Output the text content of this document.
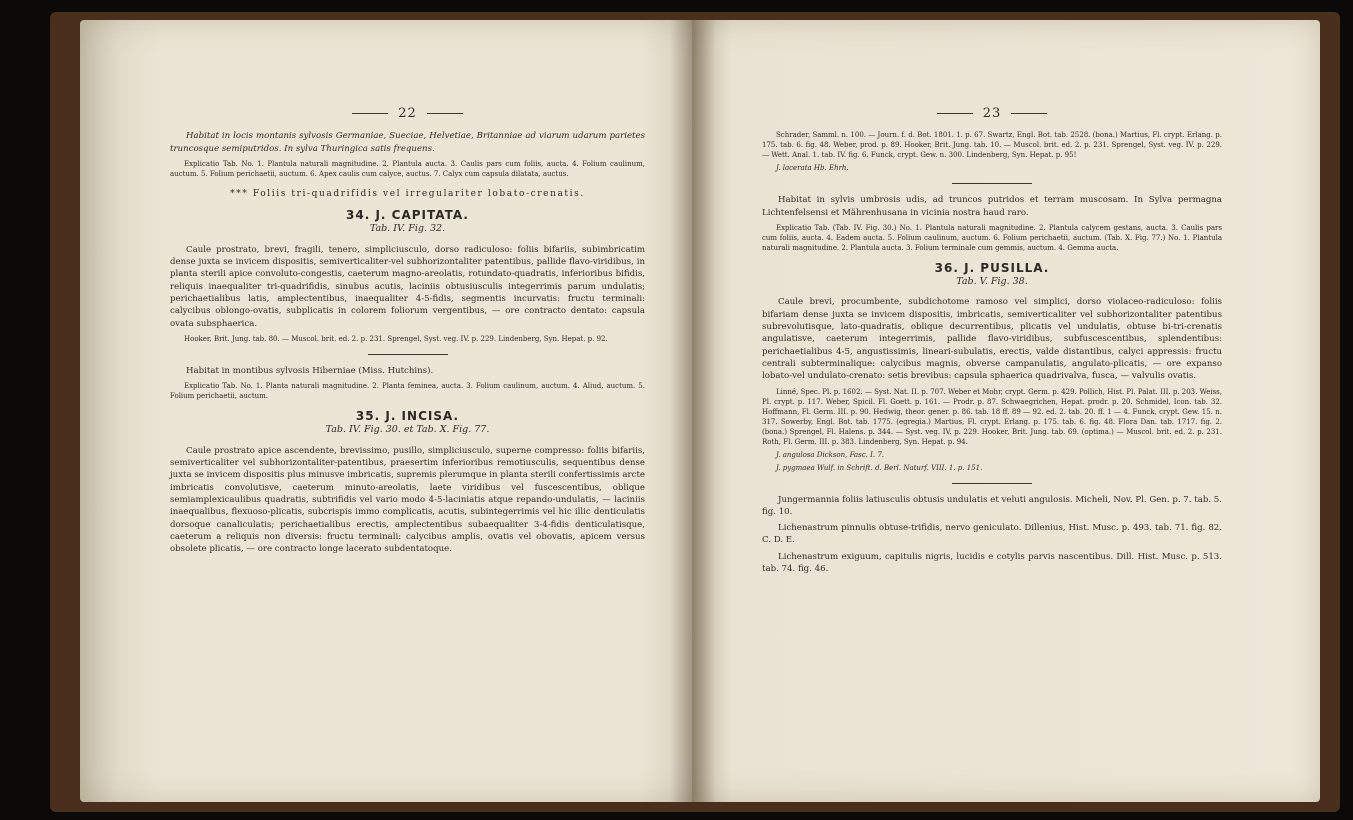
22

Habitat in locis montanis sylvosis Germaniae, Sueciae, Helvetiae, Britanniae ad viarum udarum parietes truncosque semiputridos. In sylva Thuringica satis frequens.

Explicatio Tab. No. 1. Plantula naturali magnitudine. 2. Plantula aucta. 3. Caulis pars cum foliis, aucta. 4. Folium caulinum, auctum. 5. Folium perichaetii, auctum. 6. Apex caulis cum calyce, auctus. 7. Calyx cum capsula dilatata, auctus.

*** Foliis tri-quadrifidis vel irregulariter lobato-crenatis.

34. J. CAPITATA.
Tab. IV. Fig. 32.

Caule prostrato, brevi, fragili, tenero, simpliciusculo, dorso radiculoso: foliis bifariis, subimbricatim dense juxta se invicem dispositis, semiverticaliter-vel subhorizontaliter patentibus, pallide flavo-viridibus, in planta sterili apice convoluto-congestis, caeterum magno-areolatis, rotundato-quadratis, inferioribus bifidis, reliquis inaequaliter tri-quadrifidis, sinubus acutis, laciniis obtusiusculis integerrimis parum undulatis; perichaetialibus latis, amplectentibus, inaequaliter 4-5-fidis, segmentis incurvatis: fructu terminali: calycibus oblongo-ovatis, subplicatis in colorem foliorum vergentibus, — ore contracto dentato: capsula ovata subsphaerica.

Hooker, Brit. Jung. tab. 80. — Muscol. brit. ed. 2. p. 231. Sprengel, Syst. veg. IV. p. 229. Lindenberg, Syn. Hepat. p. 92.

Habitat in montibus sylvosis Hiberniae (Miss. Hutchins).

Explicatio Tab. No. 1. Planta naturali magnitudine. 2. Planta feminea, aucta. 3. Folium caulinum, auctum. 4. Aliud, auctum. 5. Folium perichaetii, auctum.

35. J. INCISA.
Tab. IV. Fig. 30. et Tab. X. Fig. 77.

Caule prostrato apice ascendente, brevissimo, pusillo, simpliciusculo, superne compresso: foliis bifariis, semiverticaliter vel subhorizontaliter-patentibus, praesertim inferioribus remotiusculis, sequentibus dense juxta se invicem dispositis plus minusve imbricatis, supremis plerumque in planta sterili confertissimis arcte imbricatis convolutisve, caeterum minuto-areolatis, laete viridibus vel fuscescentibus, oblique semiamplexicaulibus quadratis, subtrifidis vel vario modo 4-5-laciniatis atque repando-undulatis, — laciniis inaequalibus, flexuoso-plicatis, subcrispis immo complicatis, acutis, subintegerrimis vel hic illic denticulatis dorsoque canaliculatis; perichaetialibus erectis, amplectentibus subaequaliter 3-4-fidis denticulatisque, caeterum a reliquis non diversis: fructu terminali: calycibus amplis, ovatis vel obovatis, apicem versus obsolete plicatis, — ore contracto longe lacerato subdentatoque.

23

Schrader, Samml. n. 100. — Journ. f. d. Bot. 1801. 1. p. 67. Swartz, Engl. Bot. tab. 2528. (bona.) Martius, Fl. crypt. Erlang. p. 175. tab. 6. fig. 48. Weber, prod. p. 89. Hooker, Brit. Jung. tab. 10. — Muscol. brit. ed. 2. p. 231. Sprengel, Syst. veg. IV. p. 229. — Wett. Anal. 1. tab. IV. fig. 6. Funck, crypt. Gew. n. 300. Lindenberg, Syn. Hepat. p. 95!

J. lacerata Hb. Ehrh.

Habitat in sylvis umbrosis udis, ad truncos putridos et terram muscosam. In Sylva permagna Lichtenfelsensi et Mährenhusana in vicinia nostra haud raro.

Explicatio Tab. (Tab. IV. Fig. 30.) No. 1. Plantula naturali magnitudine. 2. Plantula calycem gestans, aucta. 3. Caulis pars cum foliis, aucta. 4. Eadem aucta. 5. Folium caulinum, auctum. 6. Folium perichaetii, auctum. (Tab. X. Fig. 77.) No. 1. Plantula naturali magnitudine. 2. Plantula aucta. 3. Folium terminale cum gemmis, auctum. 4. Gemma aucta.

36. J. PUSILLA.
Tab. V. Fig. 38.

Caule brevi, procumbente, subdichotome ramoso vel simplici, dorso violaceo-radiculoso: foliis bifariam dense juxta se invicem dispositis, imbricatis, semiverticaliter vel subhorizontaliter patentibus subrevolutisque, lato-quadratis, oblique decurrentibus, plicatis vel undulatis, obtuse bi-tri-crenatis angulatisve, caeterum integerrimis, pallide flavo-viridibus, subfuscescentibus, splendentibus: perichaetialibus 4-5, angustissimis, lineari-subulatis, erectis, valde distantibus, calyci appressis: fructu centrali subterminalique: calycibus magnis, obverse campanulatis, angulato-plicatis, — ore expanso lobato-vel undulato-crenato: setis brevibus: capsula sphaerica quadrivalva, fusca, — valvulis ovatis.

Linné, Spec. Pl. p. 1602. — Syst. Nat. II. p. 707. Weber et Mohr, crypt. Germ. p. 429. Pollich, Hist. Pl. Palat. III. p. 203. Weiss, Pl. crypt. p. 117. Weber, Spicil. Fl. Goett. p. 161. — Prodr. p. 87. Schwaegrichen, Hepat. prodr. p. 20. Schmidel, Icon. tab. 32. Hoffmann, Fl. Germ. III. p. 90. Hedwig, theor. gener. p. 86. tab. 18 ff. 89 — 92. ed. 2. tab. 20. ff. 1 — 4. Funck, crypt. Gew. 15. n. 317. Sowerby, Engl. Bot. tab. 1775. (egregia.) Martius, Fl. crypt. Erlang. p. 175. tab. 6. fig. 48. Flora Dan. tab. 1717. fig. 2. (bona.) Sprengel, Fl. Halens. p. 344. — Syst. veg. IV. p. 229. Hooker, Brit. Jung. tab. 69. (optima.) — Muscol. brit. ed. 2. p. 231. Roth, Fl. Germ. III. p. 383. Lindenberg, Syn. Hepat. p. 94.

J. angulosa Dickson, Fasc. I. 7.

J. pygmaea Wulf. in Schrift. d. Berl. Naturf. VIII. 1. p. 151.

Jungermannia foliis latiusculis obtusis undulatis et veluti angulosis. Micheli, Nov. Pl. Gen. p. 7. tab. 5. fig. 10.

Lichenastrum pinnulis obtuse-trifidis, nervo geniculato. Dillenius, Hist. Musc. p. 493. tab. 71. fig. 82. C. D. E.

Lichenastrum exiguum, capitulis nigris, lucidis e cotylis parvis nascentibus. Dill. Hist. Musc. p. 513. tab. 74. fig. 46.
